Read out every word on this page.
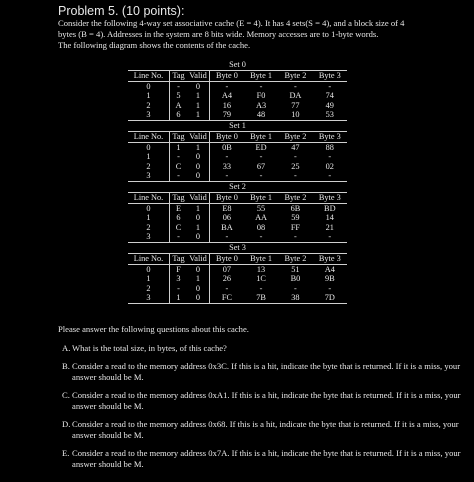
Problem 5. (10 points):

Consider the following 4-way set associative cache (E = 4). It has 4 sets(S = 4), and a block size of 4

bytes (B = 4). Addresses in the system are 8 bits wide. Memory accesses are to 1-byte words.

The following diagram shows the contents of the cache.

Set 0
Line No.	Tag	Valid	Byte 0	Byte 1	Byte 2	Byte 3
0	-	0	-	-	-	-
1	5	1	A4	F0	DA	74
2	A	1	16	A3	77	49
3	6	1	79	48	10	53
Set 1
Line No.	Tag	Valid	Byte 0	Byte 1	Byte 2	Byte 3
0	1	1	0B	ED	47	88
1	-	0	-	-	-	-
2	C	0	33	67	25	02
3	-	0	-	-	-	-
Set 2
Line No.	Tag	Valid	Byte 0	Byte 1	Byte 2	Byte 3
0	E	1	E8	55	6B	BD
1	6	0	06	AA	59	14
2	C	1	BA	08	FF	21
3	-	0	-	-	-	-
Set 3
Line No.	Tag	Valid	Byte 0	Byte 1	Byte 2	Byte 3
0	F	0	07	13	51	A4
1	3	1	26	1C	B0	9B
2	-	0	-	-	-	-
3	1	0	FC	7B	38	7D

Please answer the following questions about this cache.

A. What is the total size, in bytes, of this cache?
B. Consider a read to the memory address 0x3C. If this is a hit, indicate the byte that is returned. If it is a miss, your answer should be M.
C. Consider a read to the memory address 0xA1. If this is a hit, indicate the byte that is returned. If it is a miss, your answer should be M.
D. Consider a read to the memory address 0x68. If this is a hit, indicate the byte that is returned. If it is a miss, your answer should be M.
E. Consider a read to the memory address 0x7A. If this is a hit, indicate the byte that is returned. If it is a miss, your answer should be M.
